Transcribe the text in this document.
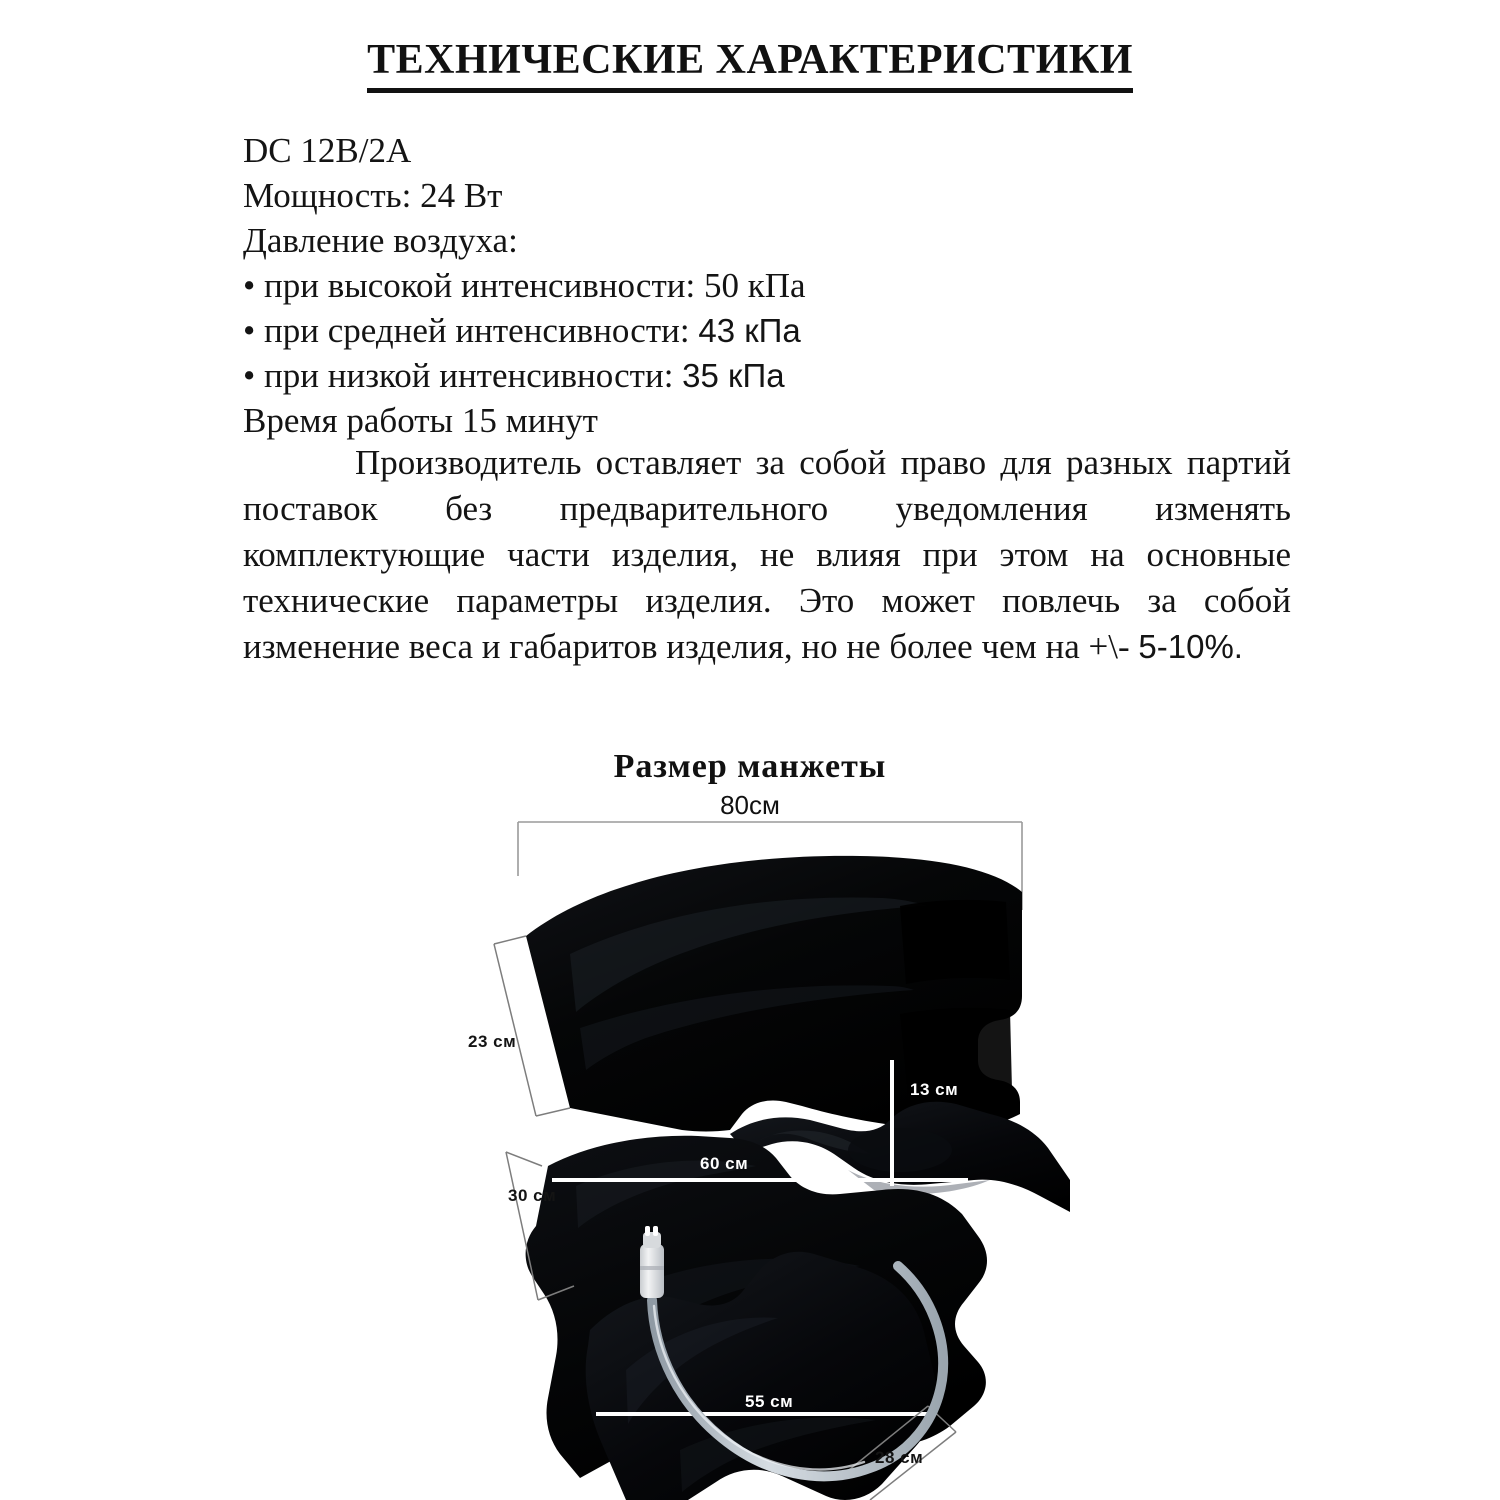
ТЕХНИЧЕСКИЕ ХАРАКТЕРИСТИКИ
DC 12В/2А
Мощность: 24 Вт
Давление воздуха:
• при высокой интенсивности: 50 кПа
• при средней интенсивности: 43 кПа
• при низкой интенсивности: 35 кПа
Время работы 15 минут
Производитель оставляет за собой право для разных партий поставок без предварительного уведомления изменять комплектующие части изделия, не влияя при этом на основные технические параметры изделия. Это может повлечь за собой изменение веса и габаритов изделия, но не более чем на +\- 5-10%.
Размер манжеты
80см
23 см
13 см
30 см
60 см
55 см
28 см
